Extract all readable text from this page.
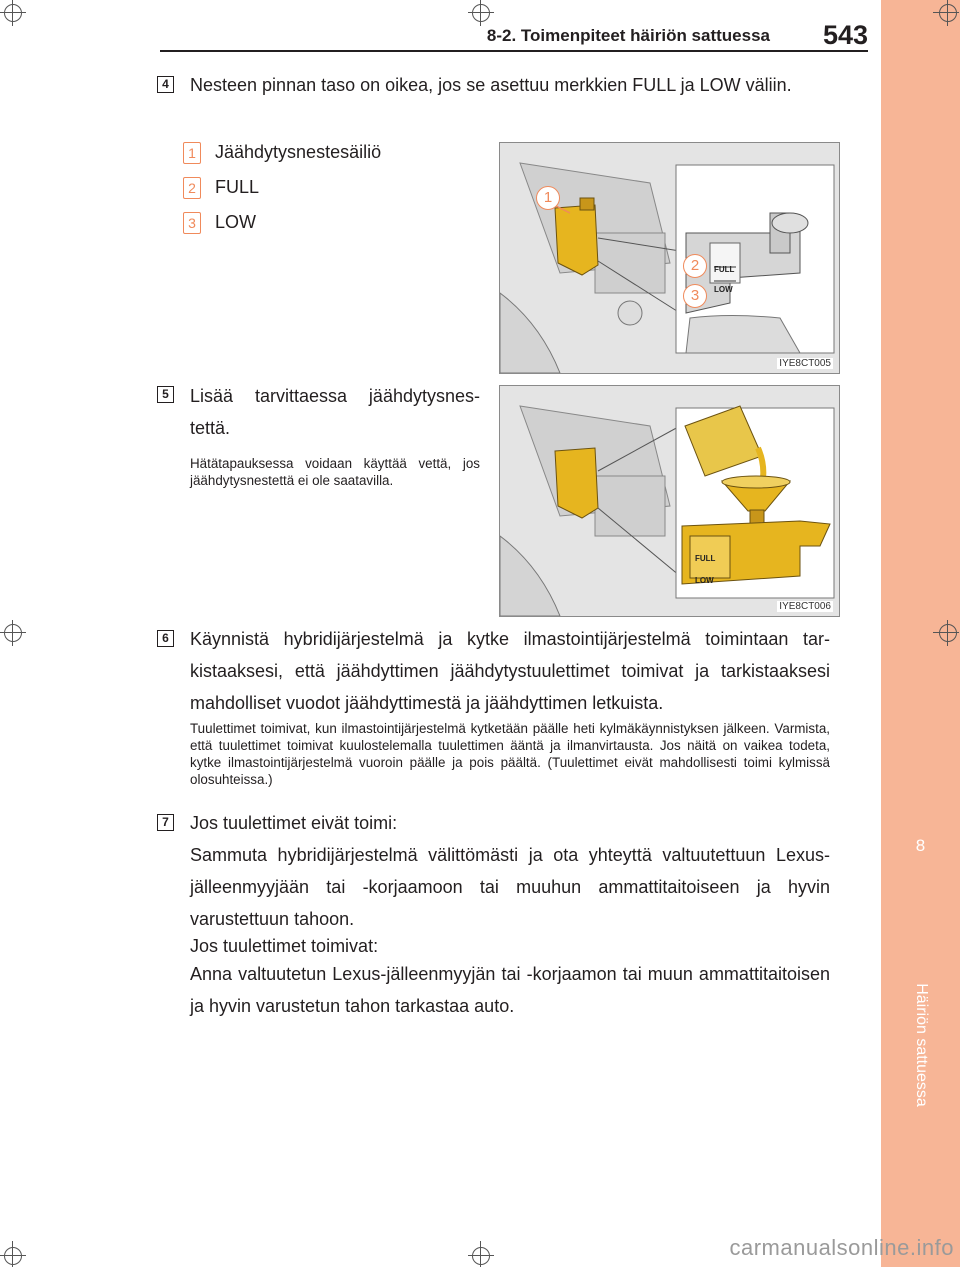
8
Häiriön sattuessa
8-2. Toimenpiteet häiriön sattuessa	543
4 Nesteen pinnan taso on oikea, jos se asettuu merkkien FULL ja LOW väliin.
1 Jäähdytysnestesäiliö
2 FULL
3 LOW
FULL
LOW
1
2
3
IYE8CT005
5 Lisää tarvittaessa jäähdytysnestettä.
Hätätapauksessa voidaan käyttää vettä, jos jäähdytysnestettä ei ole saatavilla.
FULL
LOW
IYE8CT006
6 Käynnistä hybridijärjestelmä ja kytke ilmastointijärjestelmä toimintaan tarkistaaksesi, että jäähdyttimen jäähdytystuulettimet toimivat ja tarkistaaksesi mahdolliset vuodot jäähdyttimestä ja jäähdyttimen letkuista.
Tuulettimet toimivat, kun ilmastointijärjestelmä kytketään päälle heti kylmäkäynnistyksen jälkeen. Varmista, että tuulettimet toimivat kuulostelemalla tuulettimen ääntä ja ilmanvirtausta. Jos näitä on vaikea todeta, kytke ilmastointijärjestelmä vuoroin päälle ja pois päältä. (Tuulettimet eivät mahdollisesti toimi kylmissä olosuhteissa.)
7 Jos tuulettimet eivät toimi:
Sammuta hybridijärjestelmä välittömästi ja ota yhteyttä valtuutettuun Lexus-jälleenmyyjään tai -korjaamoon tai muuhun ammattitaitoiseen ja hyvin varustettuun tahoon.
Jos tuulettimet toimivat:
Anna valtuutetun Lexus-jälleenmyyjän tai -korjaamon tai muun ammattitaitoisen ja hyvin varustetun tahon tarkastaa auto.
carmanualsonline.info
